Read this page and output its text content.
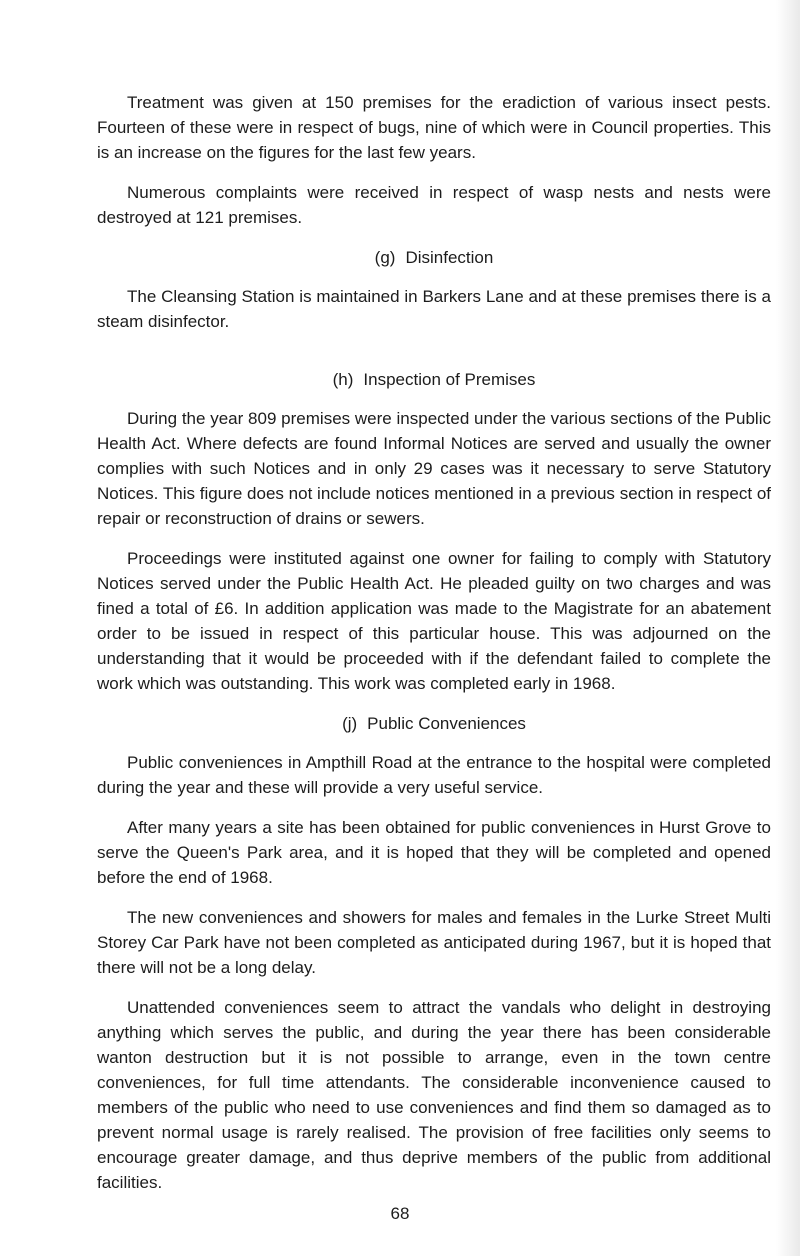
Treatment was given at 150 premises for the eradiction of various insect pests. Fourteen of these were in respect of bugs, nine of which were in Council properties. This is an increase on the figures for the last few years.

Numerous complaints were received in respect of wasp nests and nests were destroyed at 121 premises.

(g) Disinfection

The Cleansing Station is maintained in Barkers Lane and at these premises there is a steam disinfector.

(h) Inspection of Premises

During the year 809 premises were inspected under the various sections of the Public Health Act. Where defects are found Informal Notices are served and usually the owner complies with such Notices and in only 29 cases was it necessary to serve Statutory Notices. This figure does not include notices mentioned in a previous section in respect of repair or reconstruction of drains or sewers.

Proceedings were instituted against one owner for failing to comply with Statutory Notices served under the Public Health Act. He pleaded guilty on two charges and was fined a total of £6. In addition application was made to the Magistrate for an abatement order to be issued in respect of this particular house. This was adjourned on the understanding that it would be proceeded with if the defendant failed to complete the work which was outstanding. This work was completed early in 1968.

(j) Public Conveniences

Public conveniences in Ampthill Road at the entrance to the hospital were completed during the year and these will provide a very useful service.

After many years a site has been obtained for public conveniences in Hurst Grove to serve the Queen's Park area, and it is hoped that they will be completed and opened before the end of 1968.

The new conveniences and showers for males and females in the Lurke Street Multi Storey Car Park have not been completed as anticipated during 1967, but it is hoped that there will not be a long delay.

Unattended conveniences seem to attract the vandals who delight in destroying anything which serves the public, and during the year there has been considerable wanton destruction but it is not possible to arrange, even in the town centre conveniences, for full time attendants. The considerable inconvenience caused to members of the public who need to use conveniences and find them so damaged as to prevent normal usage is rarely realised. The provision of free facilities only seems to encourage greater damage, and thus deprive members of the public from additional facilities.

68
